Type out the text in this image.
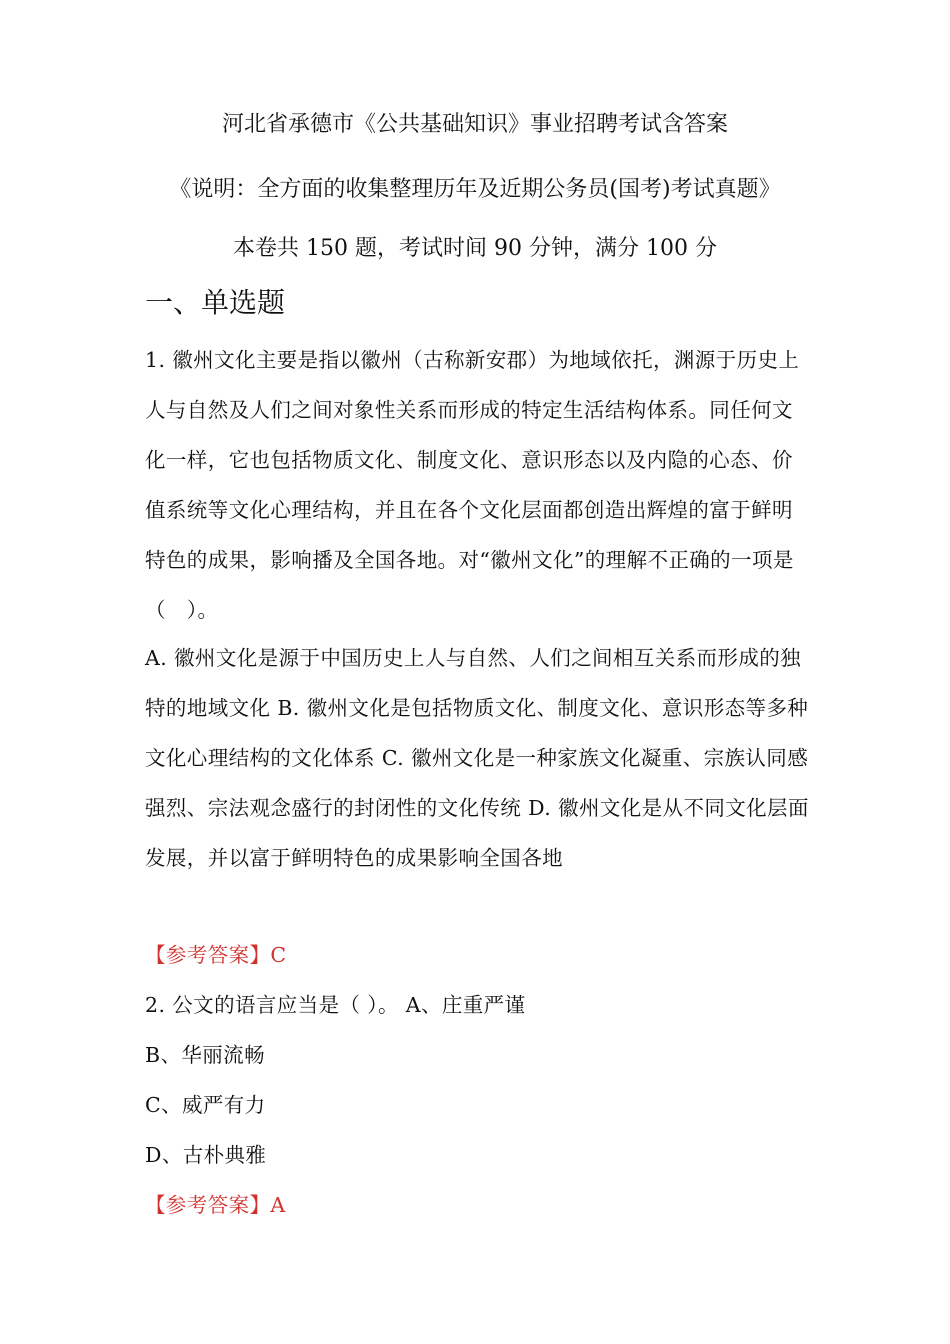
河北省承德市《公共基础知识》事业招聘考试含答案
《说明：全方面的收集整理历年及近期公务员(国考)考试真题》
本卷共 150 题，考试时间 90 分钟，满分 100 分
一、单选题
1. 徽州文化主要是指以徽州（古称新安郡）为地域依托，渊源于历史上人与自然及人们之间对象性关系而形成的特定生活结构体系。同任何文化一样，它也包括物质文化、制度文化、意识形态以及内隐的心态、价值系统等文化心理结构，并且在各个文化层面都创造出辉煌的富于鲜明特色的成果，影响播及全国各地。对“徽州文化”的理解不正确的一项是（　）。
A. 徽州文化是源于中国历史上人与自然、人们之间相互关系而形成的独特的地域文化 B. 徽州文化是包括物质文化、制度文化、意识形态等多种文化心理结构的文化体系 C. 徽州文化是一种家族文化凝重、宗族认同感强烈、宗法观念盛行的封闭性的文化传统 D. 徽州文化是从不同文化层面发展，并以富于鲜明特色的成果影响全国各地
【参考答案】C
2. 公文的语言应当是（ ）。 A、庄重严谨
B、华丽流畅
C、威严有力
D、古朴典雅
【参考答案】A
